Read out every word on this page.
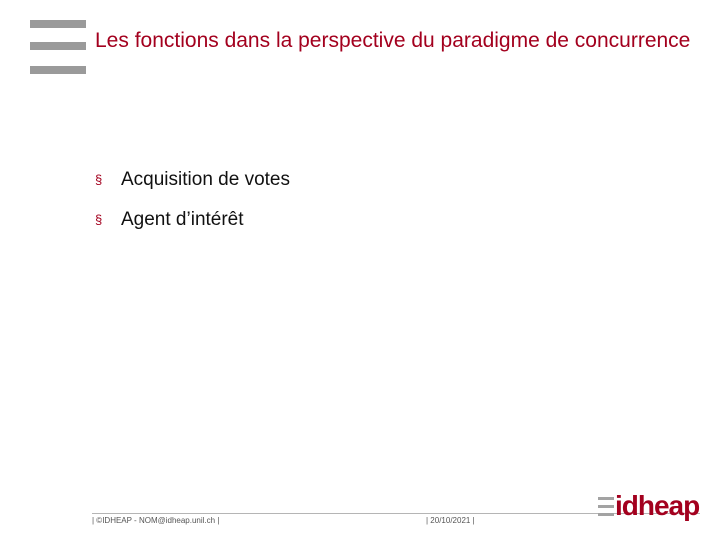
Les fonctions dans la perspective du paradigme de concurrence
§ Acquisition de votes
§ Agent d’intérêt
| ©IDHEAP - NOM@idheap.unil.ch |	| 20/10/2021 |	idheap
